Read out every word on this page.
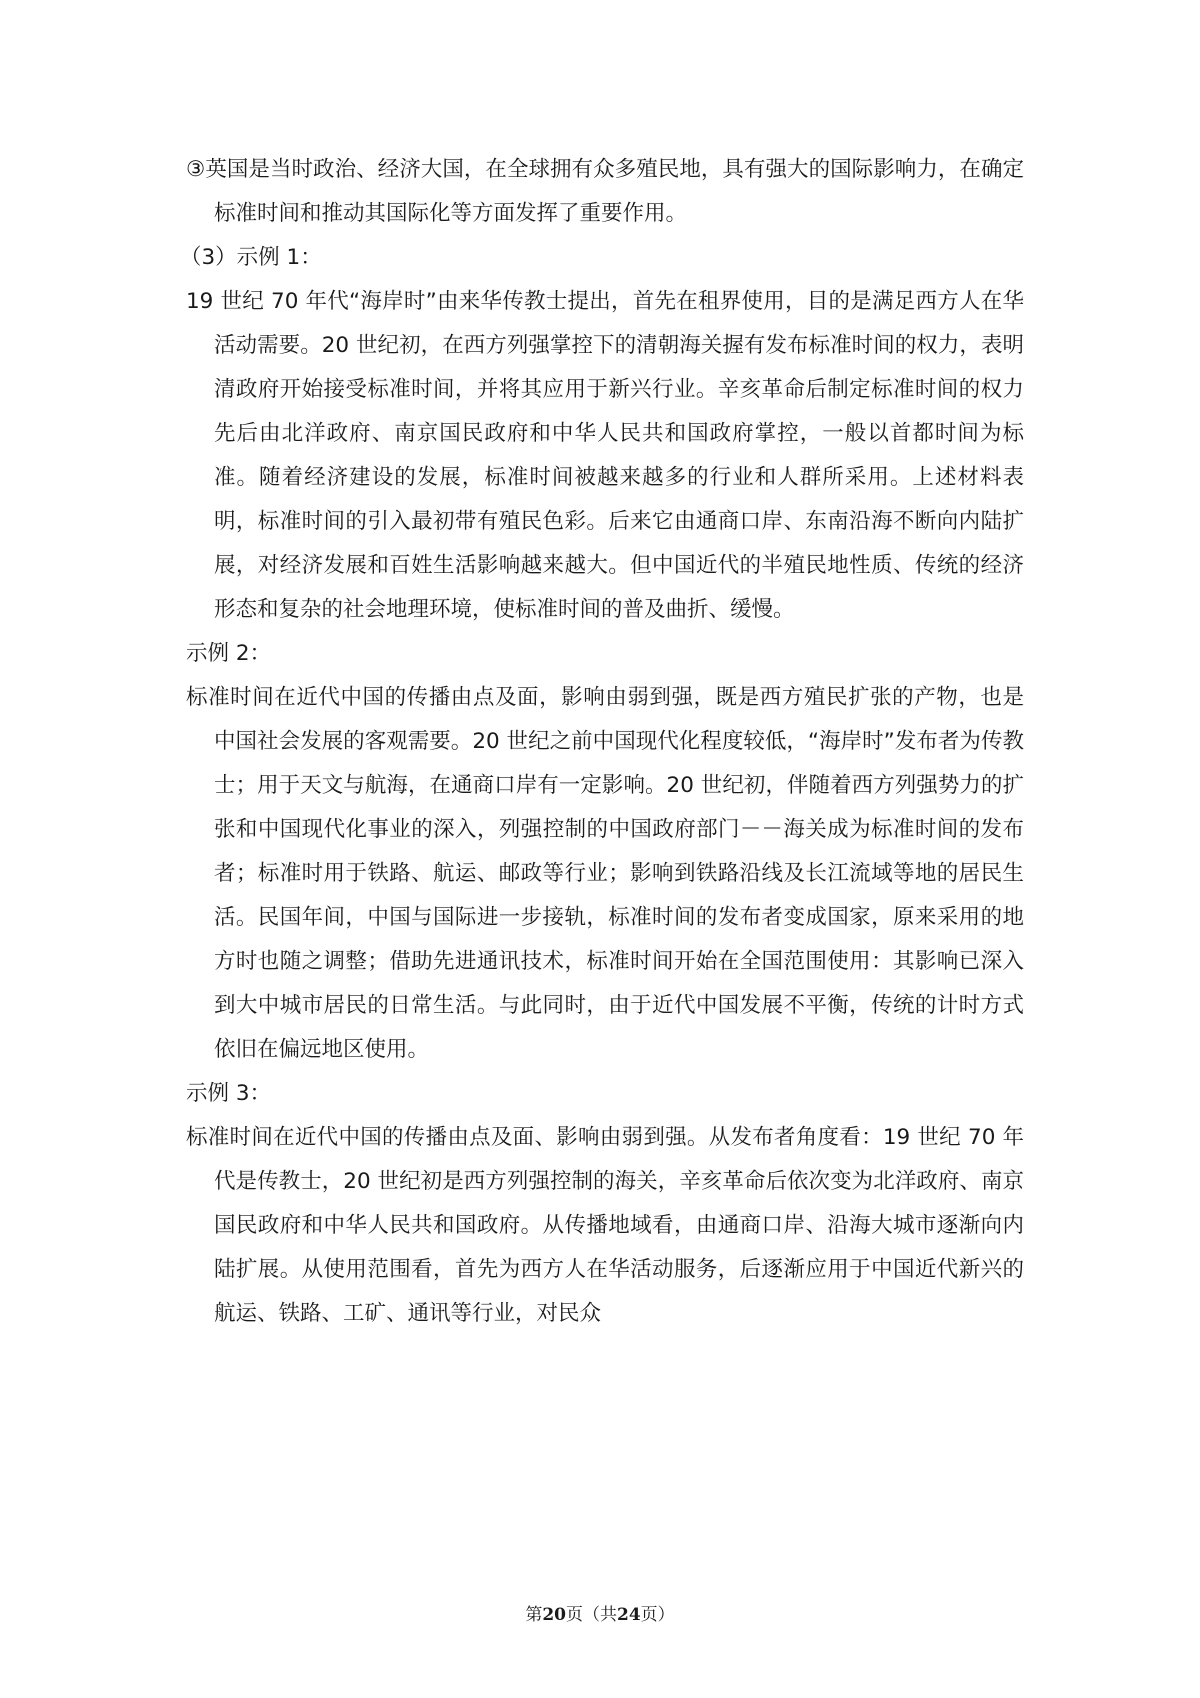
③英国是当时政治、经济大国，在全球拥有众多殖民地，具有强大的国际影响力，在确定标准时间和推动其国际化等方面发挥了重要作用。

（3）示例 1：

19 世纪 70 年代“海岸时”由来华传教士提出，首先在租界使用，目的是满足西方人在华活动需要。20 世纪初，在西方列强掌控下的清朝海关握有发布标准时间的权力，表明清政府开始接受标准时间，并将其应用于新兴行业。辛亥革命后制定标准时间的权力先后由北洋政府、南京国民政府和中华人民共和国政府掌控，一般以首都时间为标准。随着经济建设的发展，标准时间被越来越多的行业和人群所采用。上述材料表明，标准时间的引入最初带有殖民色彩。后来它由通商口岸、东南沿海不断向内陆扩展，对经济发展和百姓生活影响越来越大。但中国近代的半殖民地性质、传统的经济形态和复杂的社会地理环境，使标准时间的普及曲折、缓慢。

示例 2：

标准时间在近代中国的传播由点及面，影响由弱到强，既是西方殖民扩张的产物，也是中国社会发展的客观需要。20 世纪之前中国现代化程度较低，“海岸时”发布者为传教士；用于天文与航海，在通商口岸有一定影响。20 世纪初，伴随着西方列强势力的扩张和中国现代化事业的深入，列强控制的中国政府部门－－海关成为标准时间的发布者；标准时用于铁路、航运、邮政等行业；影响到铁路沿线及长江流域等地的居民生活。民国年间，中国与国际进一步接轨，标准时间的发布者变成国家，原来采用的地方时也随之调整；借助先进通讯技术，标准时间开始在全国范围使用：其影响已深入到大中城市居民的日常生活。与此同时，由于近代中国发展不平衡，传统的计时方式依旧在偏远地区使用。

示例 3：

标准时间在近代中国的传播由点及面、影响由弱到强。从发布者角度看：19 世纪 70 年代是传教士，20 世纪初是西方列强控制的海关，辛亥革命后依次变为北洋政府、南京国民政府和中华人民共和国政府。从传播地域看，由通商口岸、沿海大城市逐渐向内陆扩展。从使用范围看，首先为西方人在华活动服务，后逐渐应用于中国近代新兴的航运、铁路、工矿、通讯等行业，对民众

第20页（共24页）
